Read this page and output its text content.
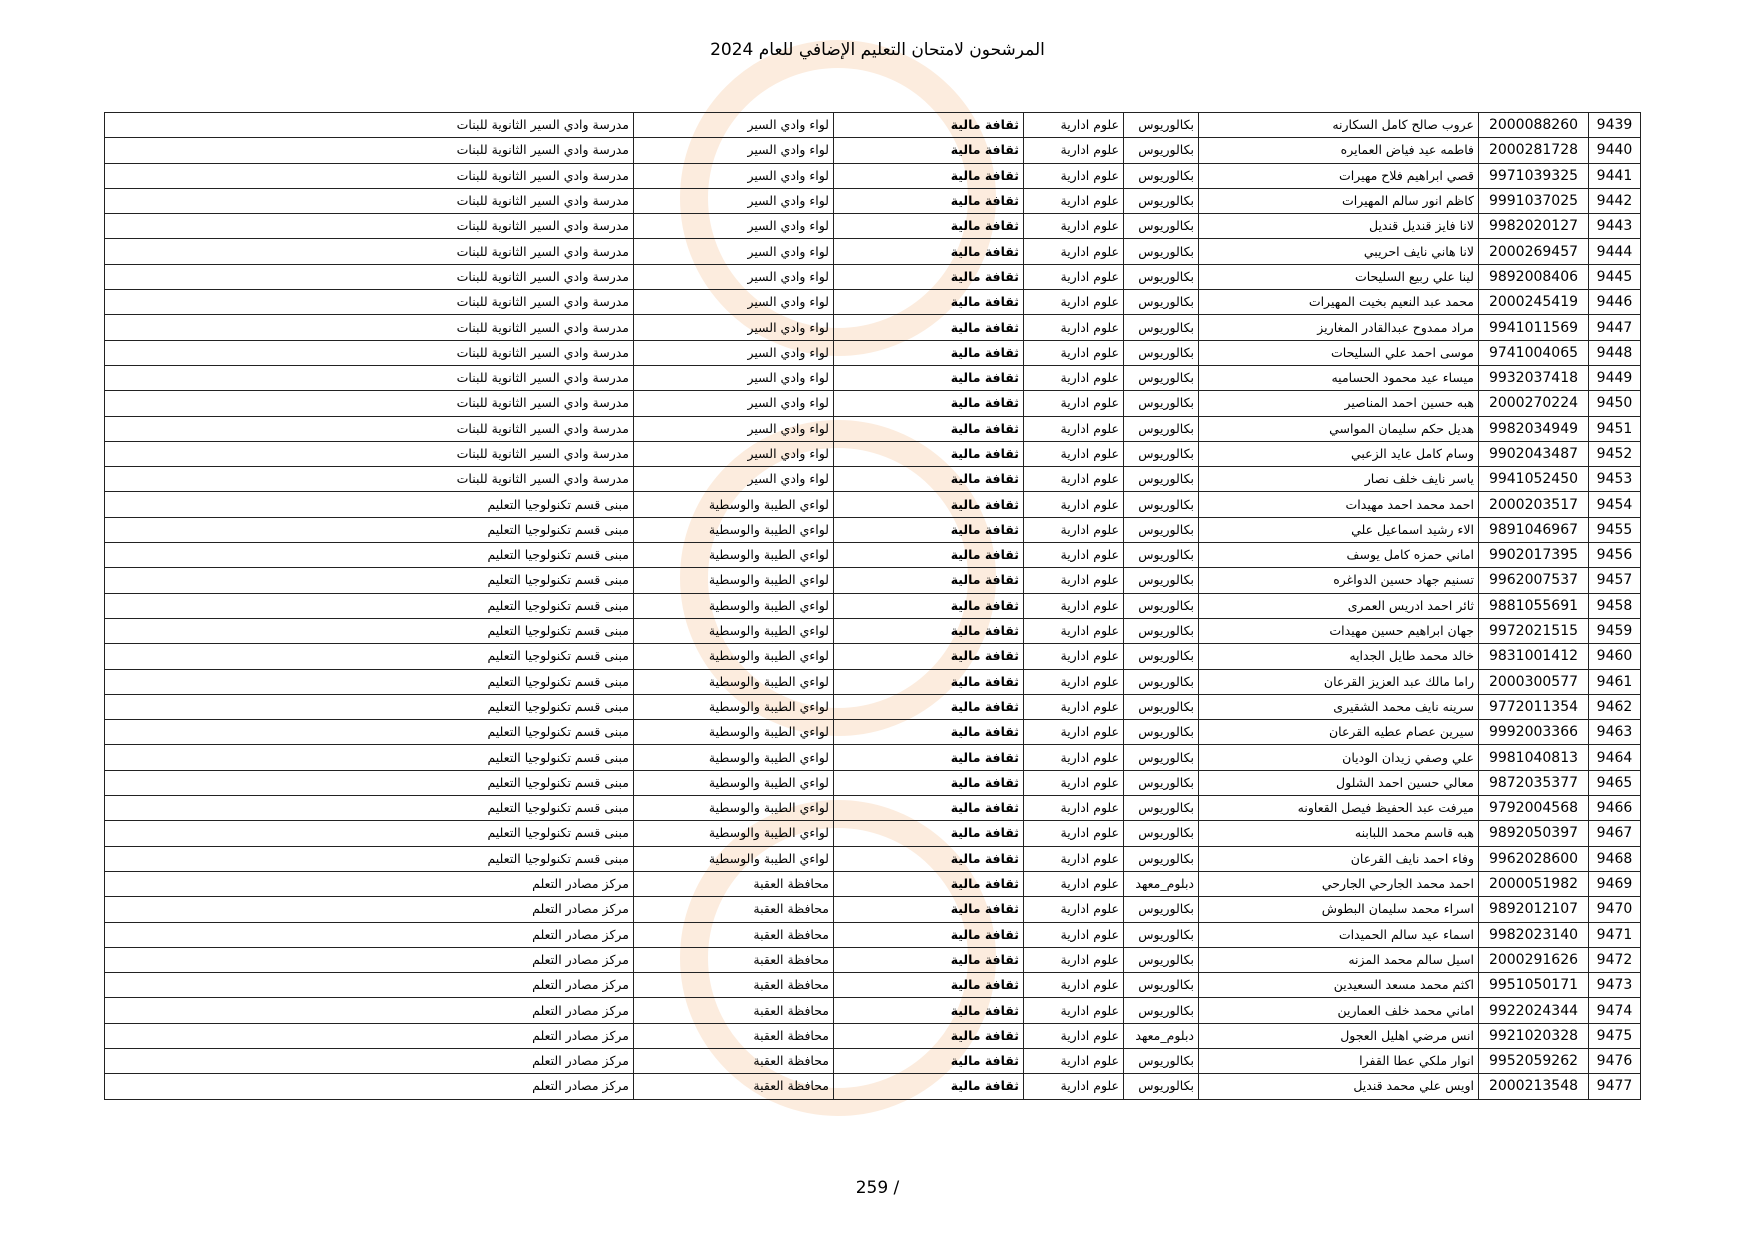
المرشحون لامتحان التعليم الإضافي للعام 2024
9439	2000088260	عروب صالح كامل السكارنه	بكالوريوس	علوم ادارية	ثقافة مالية	لواء وادي السير	مدرسة وادي السير الثانوية للبنات
9440	2000281728	فاطمه عيد فياض العمايره	بكالوريوس	علوم ادارية	ثقافة مالية	لواء وادي السير	مدرسة وادي السير الثانوية للبنات
9441	9971039325	قصي ابراهيم فلاح مهيرات	بكالوريوس	علوم ادارية	ثقافة مالية	لواء وادي السير	مدرسة وادي السير الثانوية للبنات
9442	9991037025	كاظم انور سالم المهيرات	بكالوريوس	علوم ادارية	ثقافة مالية	لواء وادي السير	مدرسة وادي السير الثانوية للبنات
9443	9982020127	لانا فايز قنديل قنديل	بكالوريوس	علوم ادارية	ثقافة مالية	لواء وادي السير	مدرسة وادي السير الثانوية للبنات
9444	2000269457	لانا هاني نايف احريبي	بكالوريوس	علوم ادارية	ثقافة مالية	لواء وادي السير	مدرسة وادي السير الثانوية للبنات
9445	9892008406	لينا علي ربيع السليحات	بكالوريوس	علوم ادارية	ثقافة مالية	لواء وادي السير	مدرسة وادي السير الثانوية للبنات
9446	2000245419	محمد عبد النعيم بخيت المهيرات	بكالوريوس	علوم ادارية	ثقافة مالية	لواء وادي السير	مدرسة وادي السير الثانوية للبنات
9447	9941011569	مراد ممدوح عبدالقادر المغاريز	بكالوريوس	علوم ادارية	ثقافة مالية	لواء وادي السير	مدرسة وادي السير الثانوية للبنات
9448	9741004065	موسى احمد علي السليحات	بكالوريوس	علوم ادارية	ثقافة مالية	لواء وادي السير	مدرسة وادي السير الثانوية للبنات
9449	9932037418	ميساء عيد محمود الحساميه	بكالوريوس	علوم ادارية	ثقافة مالية	لواء وادي السير	مدرسة وادي السير الثانوية للبنات
9450	2000270224	هبه حسين احمد المناصير	بكالوريوس	علوم ادارية	ثقافة مالية	لواء وادي السير	مدرسة وادي السير الثانوية للبنات
9451	9982034949	هديل حكم سليمان المواسي	بكالوريوس	علوم ادارية	ثقافة مالية	لواء وادي السير	مدرسة وادي السير الثانوية للبنات
9452	9902043487	وسام كامل عايد الزعبي	بكالوريوس	علوم ادارية	ثقافة مالية	لواء وادي السير	مدرسة وادي السير الثانوية للبنات
9453	9941052450	ياسر نايف خلف نصار	بكالوريوس	علوم ادارية	ثقافة مالية	لواء وادي السير	مدرسة وادي السير الثانوية للبنات
9454	2000203517	احمد محمد احمد مهيدات	بكالوريوس	علوم ادارية	ثقافة مالية	لواءي الطيبة والوسطية	مبنى قسم تكنولوجيا التعليم
9455	9891046967	الاء رشيد اسماعيل علي	بكالوريوس	علوم ادارية	ثقافة مالية	لواءي الطيبة والوسطية	مبنى قسم تكنولوجيا التعليم
9456	9902017395	اماني حمزه كامل يوسف	بكالوريوس	علوم ادارية	ثقافة مالية	لواءي الطيبة والوسطية	مبنى قسم تكنولوجيا التعليم
9457	9962007537	تسنيم جهاد حسين الدواغره	بكالوريوس	علوم ادارية	ثقافة مالية	لواءي الطيبة والوسطية	مبنى قسم تكنولوجيا التعليم
9458	9881055691	ثائر احمد ادريس العمرى	بكالوريوس	علوم ادارية	ثقافة مالية	لواءي الطيبة والوسطية	مبنى قسم تكنولوجيا التعليم
9459	9972021515	جهان ابراهيم حسين مهيدات	بكالوريوس	علوم ادارية	ثقافة مالية	لواءي الطيبة والوسطية	مبنى قسم تكنولوجيا التعليم
9460	9831001412	خالد محمد طايل الجدايه	بكالوريوس	علوم ادارية	ثقافة مالية	لواءي الطيبة والوسطية	مبنى قسم تكنولوجيا التعليم
9461	2000300577	راما مالك عبد العزيز القرعان	بكالوريوس	علوم ادارية	ثقافة مالية	لواءي الطيبة والوسطية	مبنى قسم تكنولوجيا التعليم
9462	9772011354	سرينه نايف محمد الشقيرى	بكالوريوس	علوم ادارية	ثقافة مالية	لواءي الطيبة والوسطية	مبنى قسم تكنولوجيا التعليم
9463	9992003366	سيرين عصام عطيه القرعان	بكالوريوس	علوم ادارية	ثقافة مالية	لواءي الطيبة والوسطية	مبنى قسم تكنولوجيا التعليم
9464	9981040813	علي وصفي زيدان الوديان	بكالوريوس	علوم ادارية	ثقافة مالية	لواءي الطيبة والوسطية	مبنى قسم تكنولوجيا التعليم
9465	9872035377	معالي حسين احمد الشلول	بكالوريوس	علوم ادارية	ثقافة مالية	لواءي الطيبة والوسطية	مبنى قسم تكنولوجيا التعليم
9466	9792004568	ميرفت عبد الحفيظ فيصل القعاونه	بكالوريوس	علوم ادارية	ثقافة مالية	لواءي الطيبة والوسطية	مبنى قسم تكنولوجيا التعليم
9467	9892050397	هبه قاسم محمد اللبابنه	بكالوريوس	علوم ادارية	ثقافة مالية	لواءي الطيبة والوسطية	مبنى قسم تكنولوجيا التعليم
9468	9962028600	وفاء احمد نايف القرعان	بكالوريوس	علوم ادارية	ثقافة مالية	لواءي الطيبة والوسطية	مبنى قسم تكنولوجيا التعليم
9469	2000051982	احمد محمد الجارحي الجارحي	دبلوم_معهد	علوم ادارية	ثقافة مالية	محافظة العقبة	مركز مصادر التعلم
9470	9892012107	اسراء محمد سليمان البطوش	بكالوريوس	علوم ادارية	ثقافة مالية	محافظة العقبة	مركز مصادر التعلم
9471	9982023140	اسماء عيد سالم الحميدات	بكالوريوس	علوم ادارية	ثقافة مالية	محافظة العقبة	مركز مصادر التعلم
9472	2000291626	اسيل سالم محمد المزنه	بكالوريوس	علوم ادارية	ثقافة مالية	محافظة العقبة	مركز مصادر التعلم
9473	9951050171	اكثم محمد مسعد السعيدين	بكالوريوس	علوم ادارية	ثقافة مالية	محافظة العقبة	مركز مصادر التعلم
9474	9922024344	اماني محمد خلف العمارين	بكالوريوس	علوم ادارية	ثقافة مالية	محافظة العقبة	مركز مصادر التعلم
9475	9921020328	انس مرضي اهليل العجول	دبلوم_معهد	علوم ادارية	ثقافة مالية	محافظة العقبة	مركز مصادر التعلم
9476	9952059262	انوار ملكي عطا القفرا	بكالوريوس	علوم ادارية	ثقافة مالية	محافظة العقبة	مركز مصادر التعلم
9477	2000213548	اويس علي محمد قنديل	بكالوريوس	علوم ادارية	ثقافة مالية	محافظة العقبة	مركز مصادر التعلم
259 /
